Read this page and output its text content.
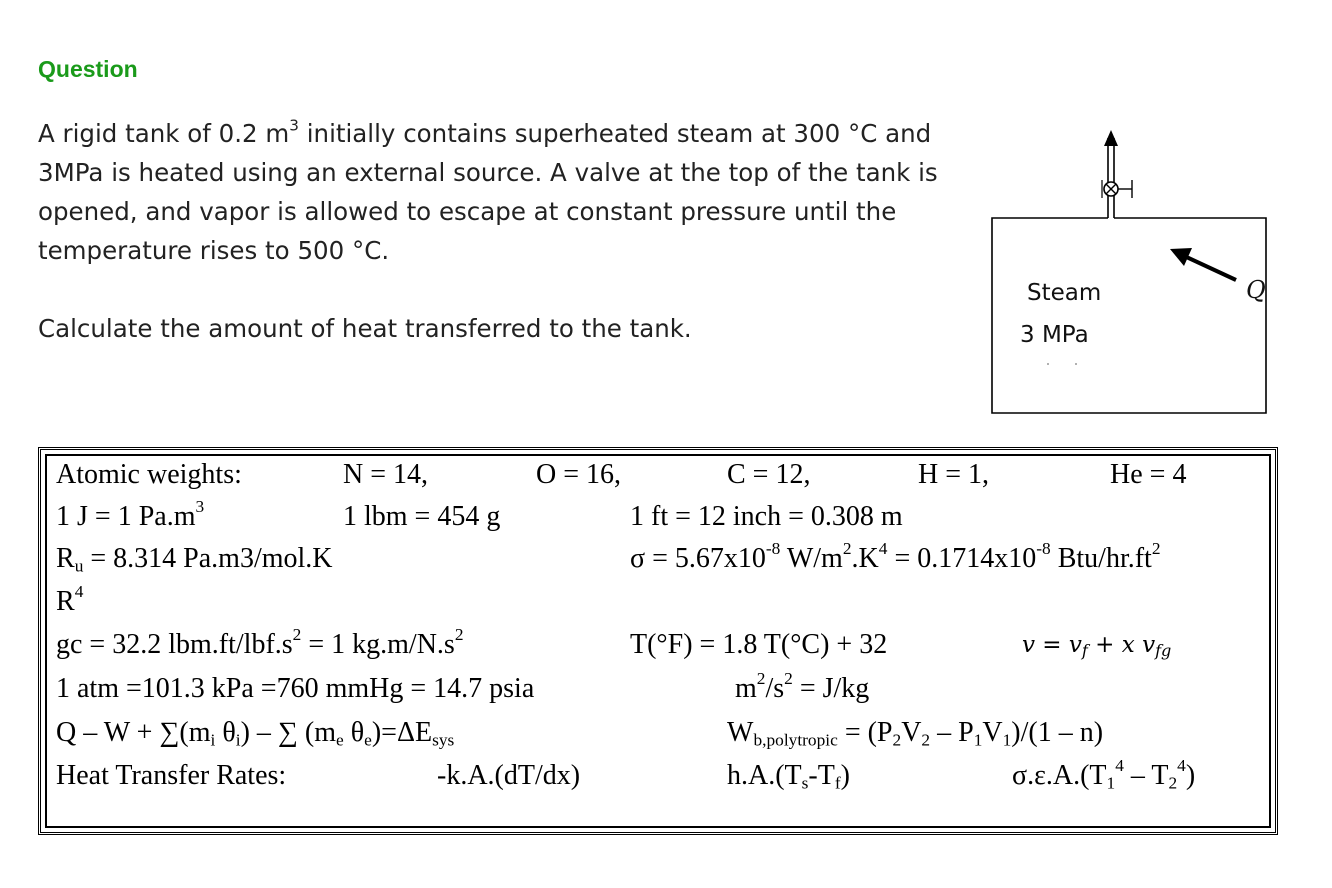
Question

A rigid tank of 0.2 $m^3$ initially contains superheated steam at 300 °C and 3MPa is heated using an external source. A valve at the top of the tank is opened, and vapor is allowed to escape at constant pressure until the temperature rises to 500 °C.

Calculate the amount of heat transferred to the tank.

Steam
3 MPa
Q
Atomic weights:	N = 14,	O = 16,	C = 12,	H = 1,	He = 4
1 J = 1 $Pa.m^3$	1 lbm = 454 g	1 ft = 12 inch = 0.308 m
$R_u = 8.314$ Pa.m3/mol.K	$\sigma = 5.67x10^{-8}$ $W/m^2.K^4 = 0.1714x10^{-8}$ Btu/$hr.ft^2$
$R^4$
gc = 32.2 $lbm.ft/lbf.s^2 = 1$ $kg.m/N.s^2$	T(°F) = 1.8 T(°C) + 32	$v = v_f + x$ $v_{fg}$
1 atm =101.3 kPa =760 mmHg = 14.7 psia	$m^2/s^2 = J/kg$
$Q - W + \sum(m_i$ $\theta_i$) – ∑ ($m_e$ $\theta_e)=\Delta E_{sys}$	$W_{b,polytropic} = (P_2V_2 - P_1V_1)/(1 - n)$
Heat Transfer Rates:	-k.A.(dT/dx)	$h.A.(T_s-T_f)$	$\sigma.\varepsilon.A.(T_1^4 - T_2^4)$
